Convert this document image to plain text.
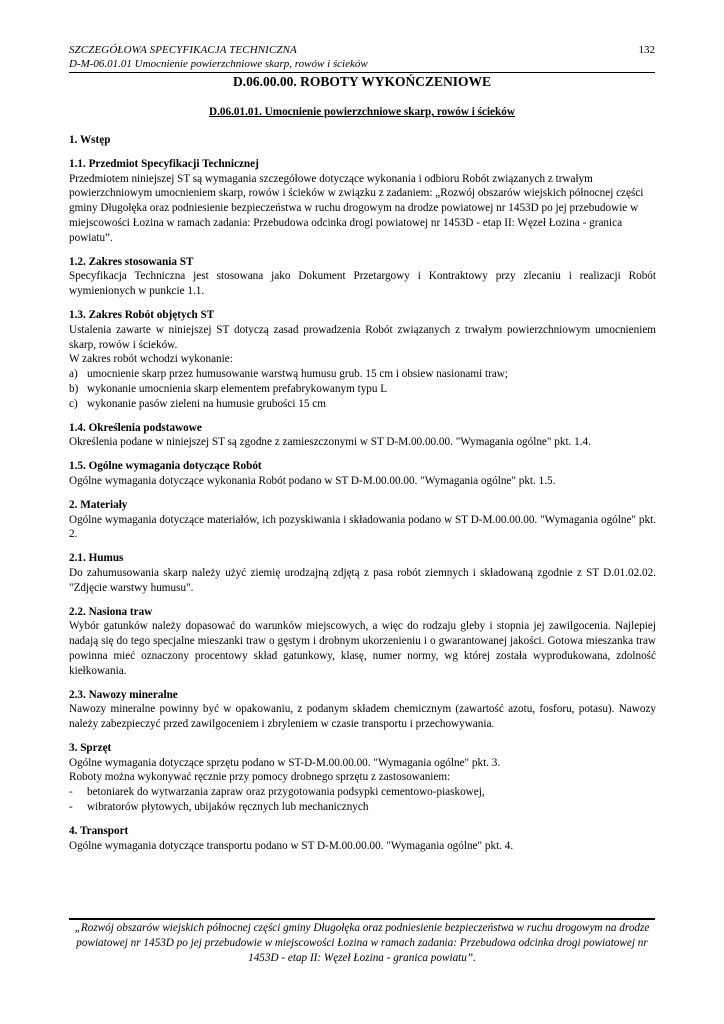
SZCZEGÓŁOWA SPECYFIKACJA TECHNICZNA
D-M-06.01.01 Umocnienie powierzchniowe skarp, rowów i ścieków
132
D.06.00.00. ROBOTY WYKOŃCZENIOWE
D.06.01.01. Umocnienie powierzchniowe skarp, rowów i ścieków
1. Wstęp
1.1. Przedmiot Specyfikacji Technicznej

Przedmiotem niniejszej ST są wymagania szczegółowe dotyczące wykonania i odbioru Robót związanych z trwałym powierzchniowym umocnieniem skarp, rowów i ścieków w związku z zadaniem: „Rozwój obszarów wiejskich północnej części gminy Długołęka oraz podniesienie bezpieczeństwa w ruchu drogowym na drodze powiatowej nr 1453D po jej przebudowie w miejscowości Łozina w ramach zadania: Przebudowa odcinka drogi powiatowej nr 1453D - etap II: Węzeł Łozina - granica powiatu”.

1.2. Zakres stosowania ST

Specyfikacja Techniczna jest stosowana jako Dokument Przetargowy i Kontraktowy przy zlecaniu i realizacji Robót wymienionych w punkcie 1.1.

1.3. Zakres Robót objętych ST

Ustalenia zawarte w niniejszej ST dotyczą zasad prowadzenia Robót związanych z trwałym powierzchniowym umocnieniem skarp, rowów i ścieków.

W zakres robót wchodzi wykonanie:

a) umocnienie skarp przez humusowanie warstwą humusu grub. 15 cm i obsiew nasionami traw;
b) wykonanie umocnienia skarp elementem prefabrykowanym typu L
c) wykonanie pasów zieleni na humusie grubości 15 cm
1.4. Określenia podstawowe

Określenia podane w niniejszej ST są zgodne z zamieszczonymi w ST D-M.00.00.00. "Wymagania ogólne" pkt. 1.4.

1.5. Ogólne wymagania dotyczące Robót

Ogólne wymagania dotyczące wykonania Robót podano w ST D-M.00.00.00. "Wymagania ogólne" pkt. 1.5.

2. Materiały

Ogólne wymagania dotyczące materiałów, ich pozyskiwania i składowania podano w ST D-M.00.00.00. "Wymagania ogólne" pkt. 2.

2.1. Humus

Do zahumusowania skarp należy użyć ziemię urodzajną zdjętą z pasa robót ziemnych i składowaną zgodnie z ST D.01.02.02. "Zdjęcie warstwy humusu".

2.2. Nasiona traw

Wybór gatunków należy dopasować do warunków miejscowych, a więc do rodzaju gleby i stopnia jej zawilgocenia. Najlepiej nadają się do tego specjalne mieszanki traw o gęstym i drobnym ukorzenieniu i o gwarantowanej jakości. Gotowa mieszanka traw powinna mieć oznaczony procentowy skład gatunkowy, klasę, numer normy, wg której została wyprodukowana, zdolność kiełkowania.

2.3. Nawozy mineralne

Nawozy mineralne powinny być w opakowaniu, z podanym składem chemicznym (zawartość azotu, fosforu, potasu). Nawozy należy zabezpieczyć przed zawilgoceniem i zbryleniem w czasie transportu i przechowywania.

3. Sprzęt

Ogólne wymagania dotyczące sprzętu podano w ST-D-M.00.00.00. "Wymagania ogólne" pkt. 3.

Roboty można wykonywać ręcznie przy pomocy drobnego sprzętu z zastosowaniem:

- betoniarek do wytwarzania zapraw oraz przygotowania podsypki cementowo-piaskowej,
- wibratorów płytowych, ubijaków ręcznych lub mechanicznych
4. Transport

Ogólne wymagania dotyczące transportu podano w ST D-M.00.00.00. "Wymagania ogólne" pkt. 4.

„Rozwój obszarów wiejskich północnej części gminy Długołęka oraz podniesienie bezpieczeństwa w ruchu drogowym na drodze powiatowej nr 1453D po jej przebudowie w miejscowości Łozina w ramach zadania: Przebudowa odcinka drogi powiatowej nr 1453D - etap II: Węzeł Łozina - granica powiatu”.
